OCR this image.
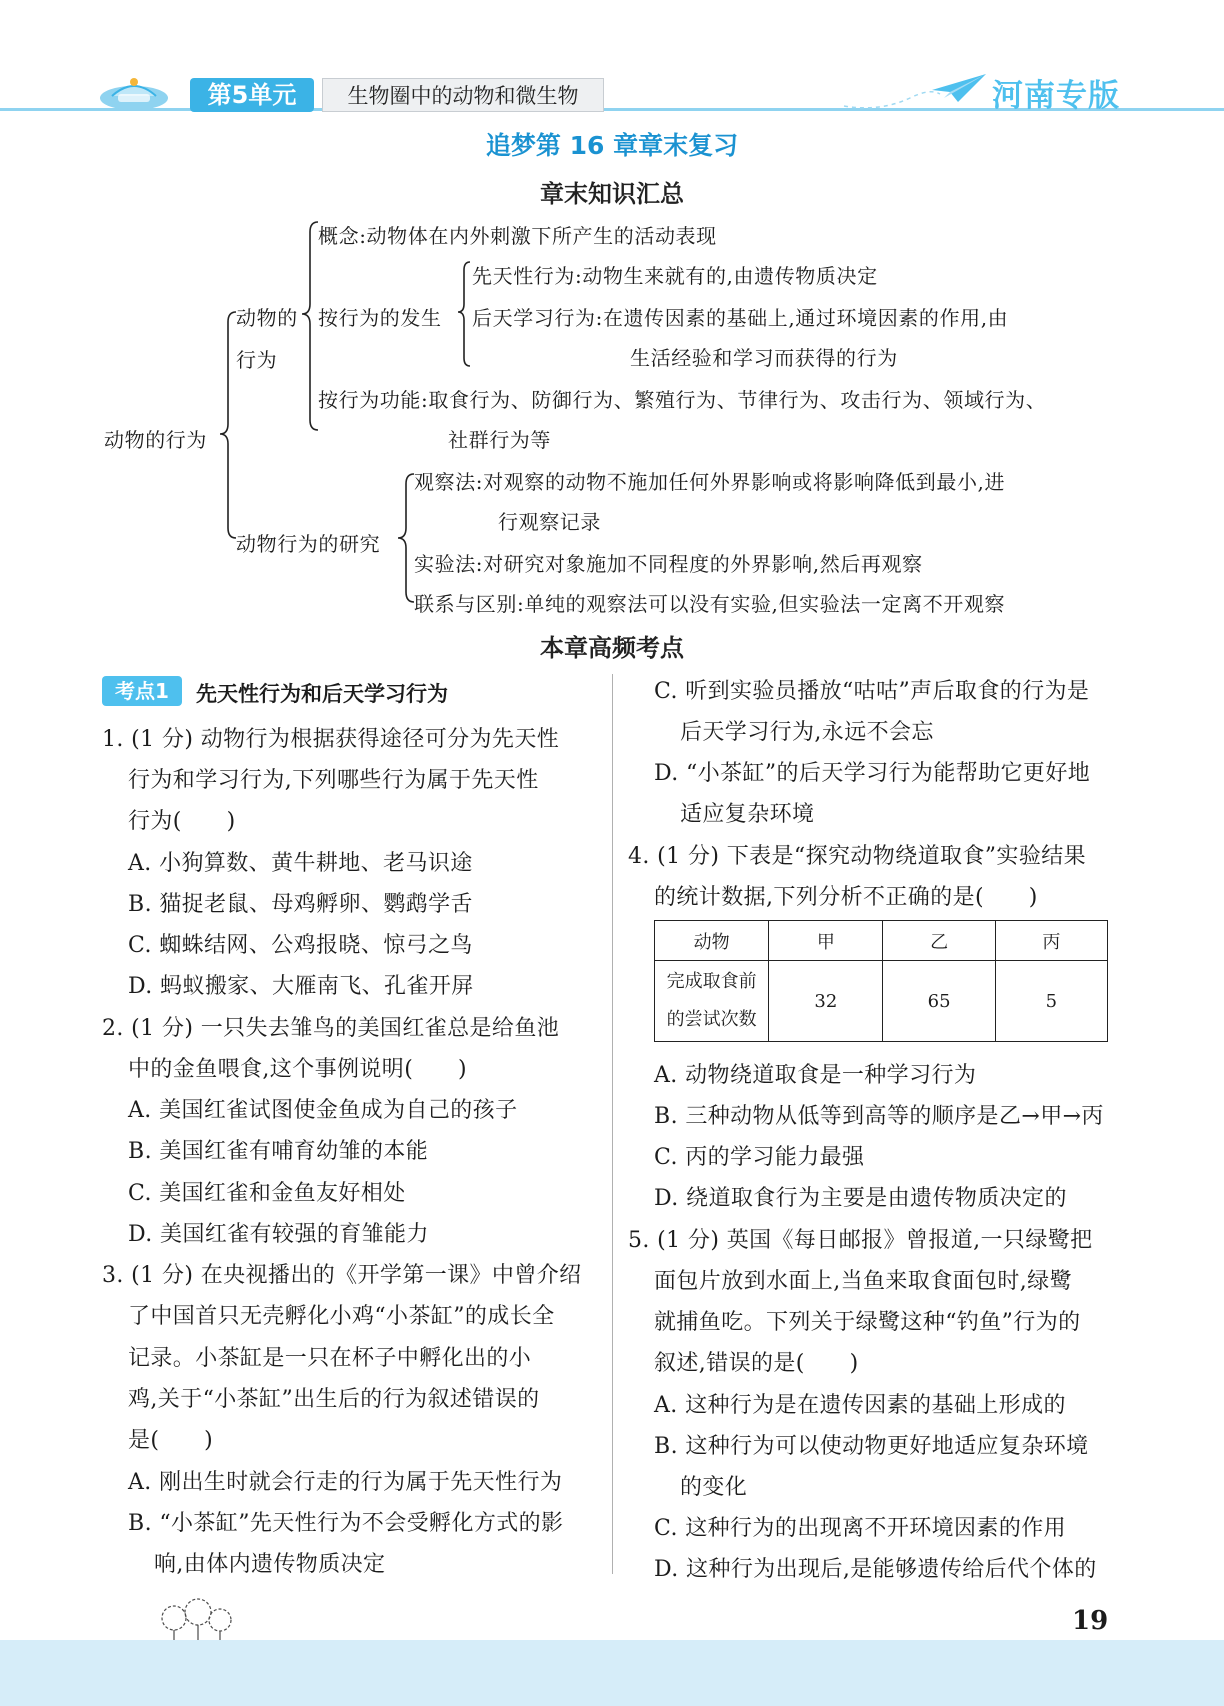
第5单元	生物圈中的动物和微生物	河南专版
追梦第 16 章章末复习
章末知识汇总
动物的行为
动物的
行为
概念:动物体在内外刺激下所产生的活动表现
按行为的发生
先天性行为:动物生来就有的,由遗传物质决定
后天学习行为:在遗传因素的基础上,通过环境因素的作用,由
生活经验和学习而获得的行为
按行为功能:取食行为、防御行为、繁殖行为、节律行为、攻击行为、领域行为、
社群行为等
动物行为的研究
观察法:对观察的动物不施加任何外界影响或将影响降低到最小,进
行观察记录
实验法:对研究对象施加不同程度的外界影响,然后再观察
联系与区别:单纯的观察法可以没有实验,但实验法一定离不开观察
本章高频考点
考点1	先天性行为和后天学习行为
1. (1 分) 动物行为根据获得途径可分为先天性
行为和学习行为,下列哪些行为属于先天性
行为(　　)
A. 小狗算数、黄牛耕地、老马识途
B. 猫捉老鼠、母鸡孵卵、鹦鹉学舌
C. 蜘蛛结网、公鸡报晓、惊弓之鸟
D. 蚂蚁搬家、大雁南飞、孔雀开屏
2. (1 分) 一只失去雏鸟的美国红雀总是给鱼池
中的金鱼喂食,这个事例说明(　　)
A. 美国红雀试图使金鱼成为自己的孩子
B. 美国红雀有哺育幼雏的本能
C. 美国红雀和金鱼友好相处
D. 美国红雀有较强的育雏能力
3. (1 分) 在央视播出的《开学第一课》中曾介绍
了中国首只无壳孵化小鸡“小茶缸”的成长全
记录。小茶缸是一只在杯子中孵化出的小
鸡,关于“小茶缸”出生后的行为叙述错误的
是(　　)
A. 刚出生时就会行走的行为属于先天性行为
B. “小茶缸”先天性行为不会受孵化方式的影
响,由体内遗传物质决定
C. 听到实验员播放“咕咕”声后取食的行为是
后天学习行为,永远不会忘
D. “小茶缸”的后天学习行为能帮助它更好地
适应复杂环境
4. (1 分) 下表是“探究动物绕道取食”实验结果
的统计数据,下列分析不正确的是(　　)
动物	甲	乙	丙

完成取食前
的尝试次数	32	65	5
A. 动物绕道取食是一种学习行为
B. 三种动物从低等到高等的顺序是乙→甲→丙
C. 丙的学习能力最强
D. 绕道取食行为主要是由遗传物质决定的
5. (1 分) 英国《每日邮报》曾报道,一只绿鹭把
面包片放到水面上,当鱼来取食面包时,绿鹭
就捕鱼吃。下列关于绿鹭这种“钓鱼”行为的
叙述,错误的是(　　)
A. 这种行为是在遗传因素的基础上形成的
B. 这种行为可以使动物更好地适应复杂环境
的变化
C. 这种行为的出现离不开环境因素的作用
D. 这种行为出现后,是能够遗传给后代个体的
19
